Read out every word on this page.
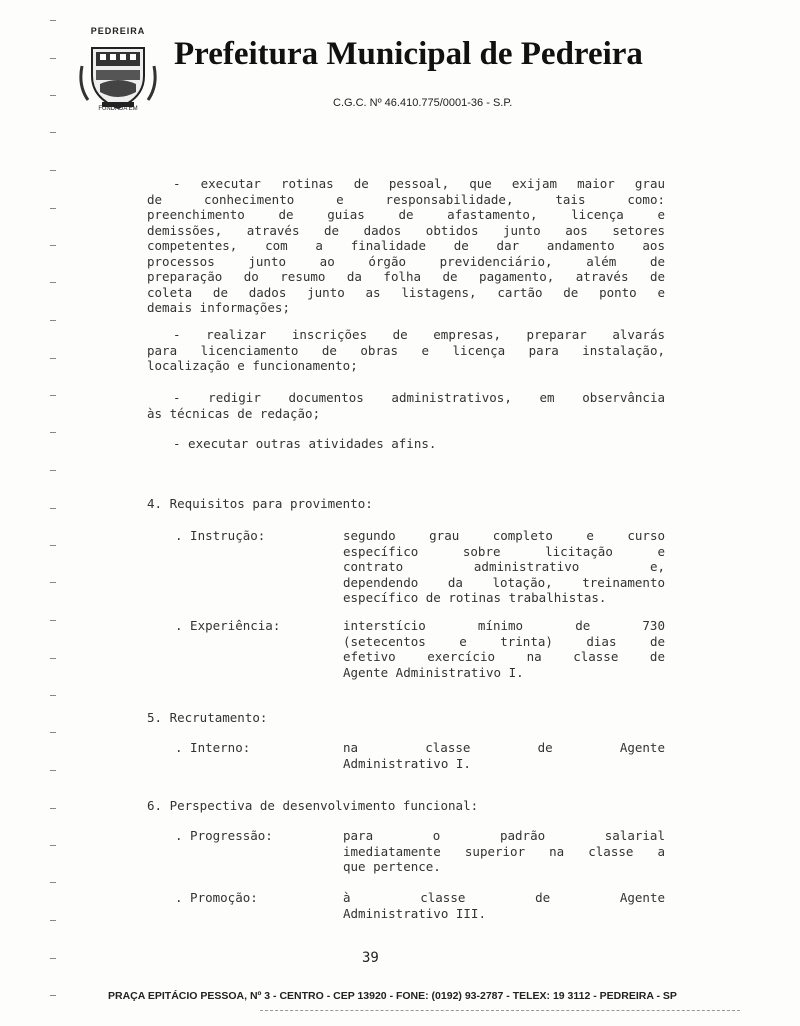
PEDREIRA
FUNDADA EM
Prefeitura Municipal de Pedreira
C.G.C. Nº 46.410.775/0001-36 - S.P.
- executar rotinas de pessoal, que exijam maior grau
de conhecimento e responsabilidade, tais como:
preenchimento de guias de afastamento, licença e
demissões, através de dados obtidos junto aos setores
competentes, com a finalidade de dar andamento aos
processos junto ao órgão previdenciário, além de
preparação do resumo da folha de pagamento, através de
coleta de dados junto as listagens, cartão de ponto e
demais informações;
- realizar inscrições de empresas, preparar alvarás
para licenciamento de obras e licença para instalação,
localização e funcionamento;
- redigir documentos administrativos, em observância
às técnicas de redação;
- executar outras atividades afins.
4. Requisitos para provimento:
. Instrução:	segundo grau completo e curso
específico sobre licitação e
contrato administrativo e,
dependendo da lotação, treinamento
específico de rotinas trabalhistas.
. Experiência:	interstício mínimo de 730
(setecentos e trinta) dias de
efetivo exercício na classe de
Agente Administrativo I.
5. Recrutamento:
. Interno:	na classe de Agente
Administrativo I.
6. Perspectiva de desenvolvimento funcional:
. Progressão:	para o padrão salarial
imediatamente superior na classe a
que pertence.
. Promoção:	à classe de Agente
Administrativo III.
39
PRAÇA EPITÁCIO PESSOA, Nº 3 - CENTRO - CEP 13920 - FONE: (0192) 93-2787 - TELEX: 19 3112 - PEDREIRA - SP
